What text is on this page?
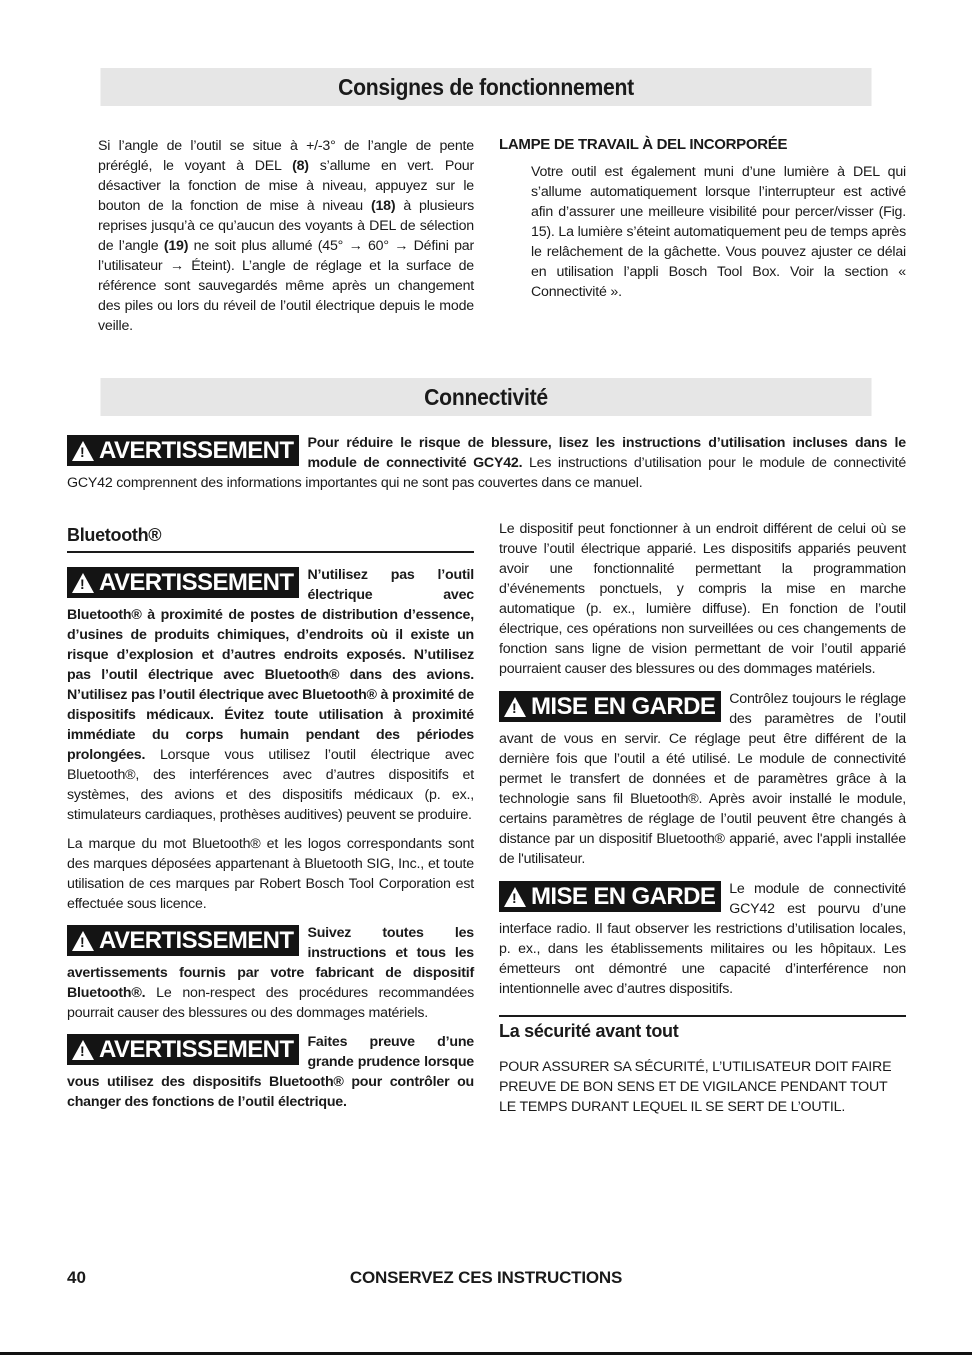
Consignes de fonctionnement

Si l’angle de l’outil se situe à +/-3° de l’angle de pente préréglé, le voyant à DEL (8) s’allume en vert. Pour désactiver la fonction de mise à niveau, appuyez sur le bouton de la fonction de mise à niveau (18) à plusieurs reprises jusqu’à ce qu’aucun des voyants à DEL de sélection de l’angle (19) ne soit plus allumé (45° → 60° → Défini par l’utilisateur → Éteint). L’angle de réglage et la surface de référence sont sauvegardés même après un changement des piles ou lors du réveil de l’outil électrique depuis le mode veille.

LAMPE DE TRAVAIL À DEL INCORPORÉE

Votre outil est également muni d’une lumière à DEL qui s’allume automatiquement lorsque l’interrupteur est activé afin d’assurer une meilleure visibilité pour percer/visser (Fig. 15). La lumière s’éteint automatiquement peu de temps après le relâchement de la gâchette. Vous pouvez ajuster ce délai en utilisation l’appli Bosch Tool Box. Voir la section « Connectivité ».

Connectivité
!
AVERTISSEMENT Pour réduire le risque de blessure, lisez les instructions d’utilisation incluses dans le module de connectivité GCY42. Les instructions d’utilisation pour le module de connectivité GCY42 comprennent des informations importantes qui ne sont pas couvertes dans ce manuel.
Bluetooth®

!
AVERTISSEMENT N’utilisez pas l’outil électrique avec Bluetooth® à proximité de postes de distribution d’essence, d’usines de produits chimiques, d’endroits où il existe un risque d’explosion et d’autres endroits exposés. N’utilisez pas l’outil électrique avec Bluetooth® dans des avions. N’utilisez pas l’outil électrique avec Bluetooth® à proximité de dispositifs médicaux. Évitez toute utilisation à proximité immédiate du corps humain pendant des périodes prolongées. Lorsque vous utilisez l’outil électrique avec Bluetooth®, des interférences avec d’autres dispositifs et systèmes, des avions et des dispositifs médicaux (p. ex., stimulateurs cardiaques, prothèses auditives) peuvent se produire.

La marque du mot Bluetooth® et les logos correspondants sont des marques déposées appartenant à Bluetooth SIG, Inc., et toute utilisation de ces marques par Robert Bosch Tool Corporation est effectuée sous licence.

!
AVERTISSEMENT Suivez toutes les instructions et tous les avertissements fournis par votre fabricant de dispositif Bluetooth®. Le non-respect des procédures recommandées pourrait causer des blessures ou des dommages matériels.

!
AVERTISSEMENT Faites preuve d’une grande prudence lorsque vous utilisez des dispositifs Bluetooth® pour contrôler ou changer des fonctions de l’outil électrique.

Le dispositif peut fonctionner à un endroit différent de celui où se trouve l’outil électrique apparié. Les dispositifs appariés peuvent avoir une fonctionnalité permettant la programmation d’événements ponctuels, y compris la mise en marche automatique (p. ex., lumière diffuse). En fonction de l’outil électrique, ces opérations non surveillées ou ces changements de fonction sans ligne de vision permettant de voir l’outil apparié pourraient causer des blessures ou des dommages matériels.

!
MISE EN GARDE Contrôlez toujours le réglage des paramètres de l’outil avant de vous en servir. Ce réglage peut être différent de la dernière fois que l’outil a été utilisé. Le module de connectivité permet le transfert de données et de paramètres grâce à la technologie sans fil Bluetooth®. Après avoir installé le module, certains paramètres de réglage de l’outil peuvent être changés à distance par un dispositif Bluetooth® apparié, avec l'appli installée de l'utilisateur.

!
MISE EN GARDE Le module de connectivité GCY42 est pourvu d’une interface radio. Il faut observer les restrictions d’utilisation locales, p. ex., dans les établissements militaires ou les hôpitaux. Les émetteurs ont démontré une capacité d’interférence non intentionnelle avec d’autres dispositifs.

La sécurité avant tout

POUR ASSURER SA SÉCURITÉ, L’UTILISATEUR DOIT FAIRE PREUVE DE BON SENS ET DE VIGILANCE PENDANT TOUT LE TEMPS DURANT LEQUEL IL SE SERT DE L’OUTIL.

40	CONSERVEZ CES INSTRUCTIONS
